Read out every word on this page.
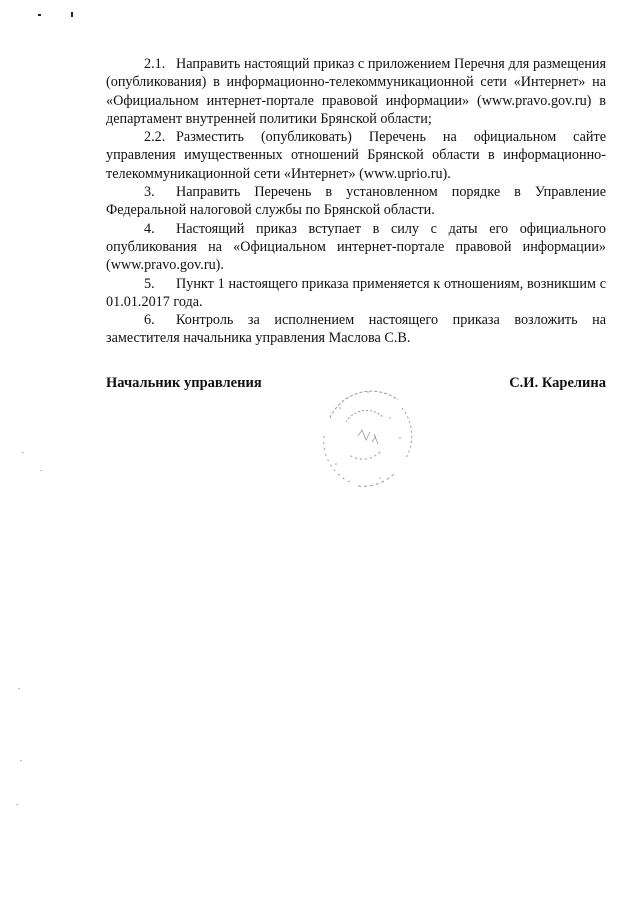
2.1. Направить настоящий приказ с приложением Перечня для размещения (опубликования) в информационно-телекоммуникационной сети «Интернет» на «Официальном интернет-портале правовой информации» (www.pravo.gov.ru) в департамент внутренней политики Брянской области;

2.2. Разместить (опубликовать) Перечень на официальном сайте управления имущественных отношений Брянской области в информационно-телекоммуникационной сети «Интернет» (www.uprio.ru).

3. Направить Перечень в установленном порядке в Управление Федеральной налоговой службы по Брянской области.

4. Настоящий приказ вступает в силу с даты его официального опубликования на «Официальном интернет-портале правовой информации» (www.pravo.gov.ru).

5. Пункт 1 настоящего приказа применяется к отношениям, возникшим с 01.01.2017 года.

6. Контроль за исполнением настоящего приказа возложить на заместителя начальника управления Маслова С.В.

Начальник управления	С.И. Карелина
